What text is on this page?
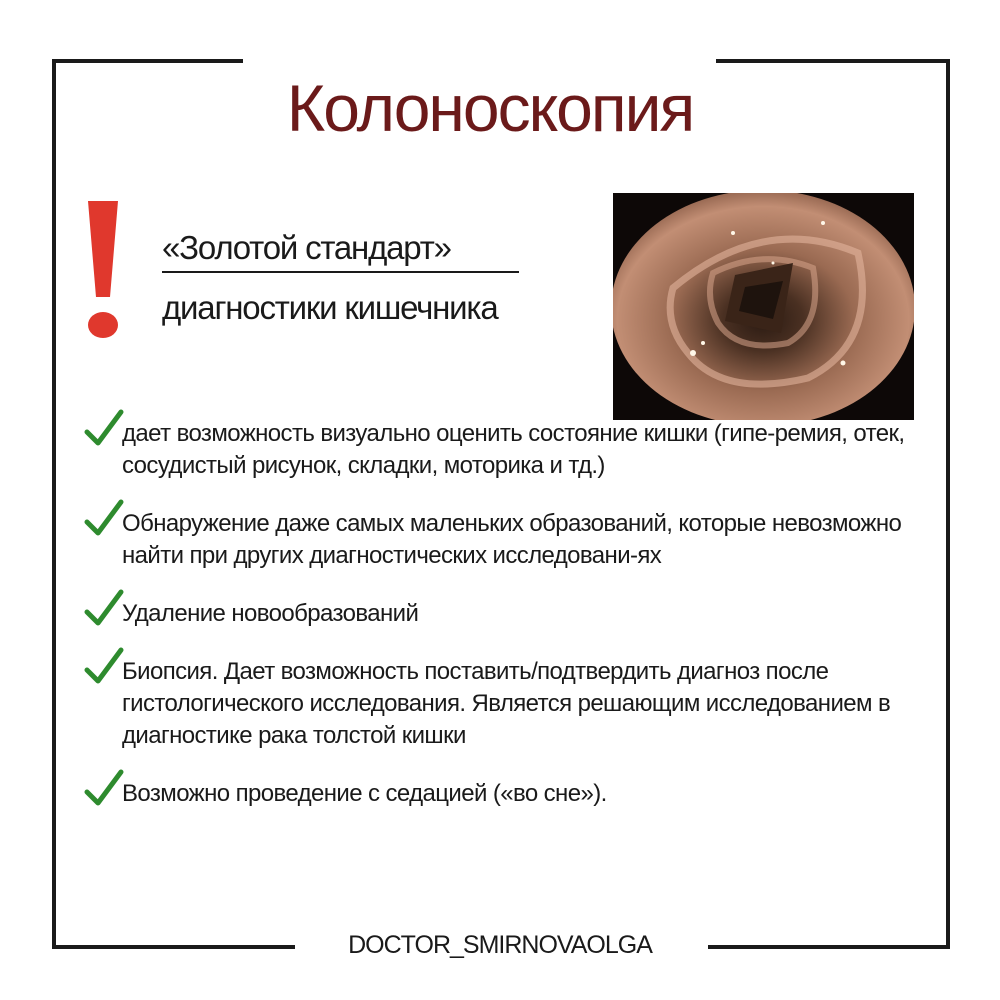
Колоноскопия
«Золотой стандарт»
диагностики кишечника
дает возможность визуально оценить состояние кишки (гипе-ремия, отек, сосудистый рисунок, складки, моторика и тд.)
Обнаружение даже самых маленьких образований, которые невозможно найти при других диагностических исследовани-ях
Удаление новообразований
Биопсия. Дает возможность поставить/подтвердить диагноз после гистологического исследования. Является решающим исследованием в диагностике рака толстой кишки
Возможно проведение с седацией («во сне»).
DOCTOR_SMIRNOVAOLGA
